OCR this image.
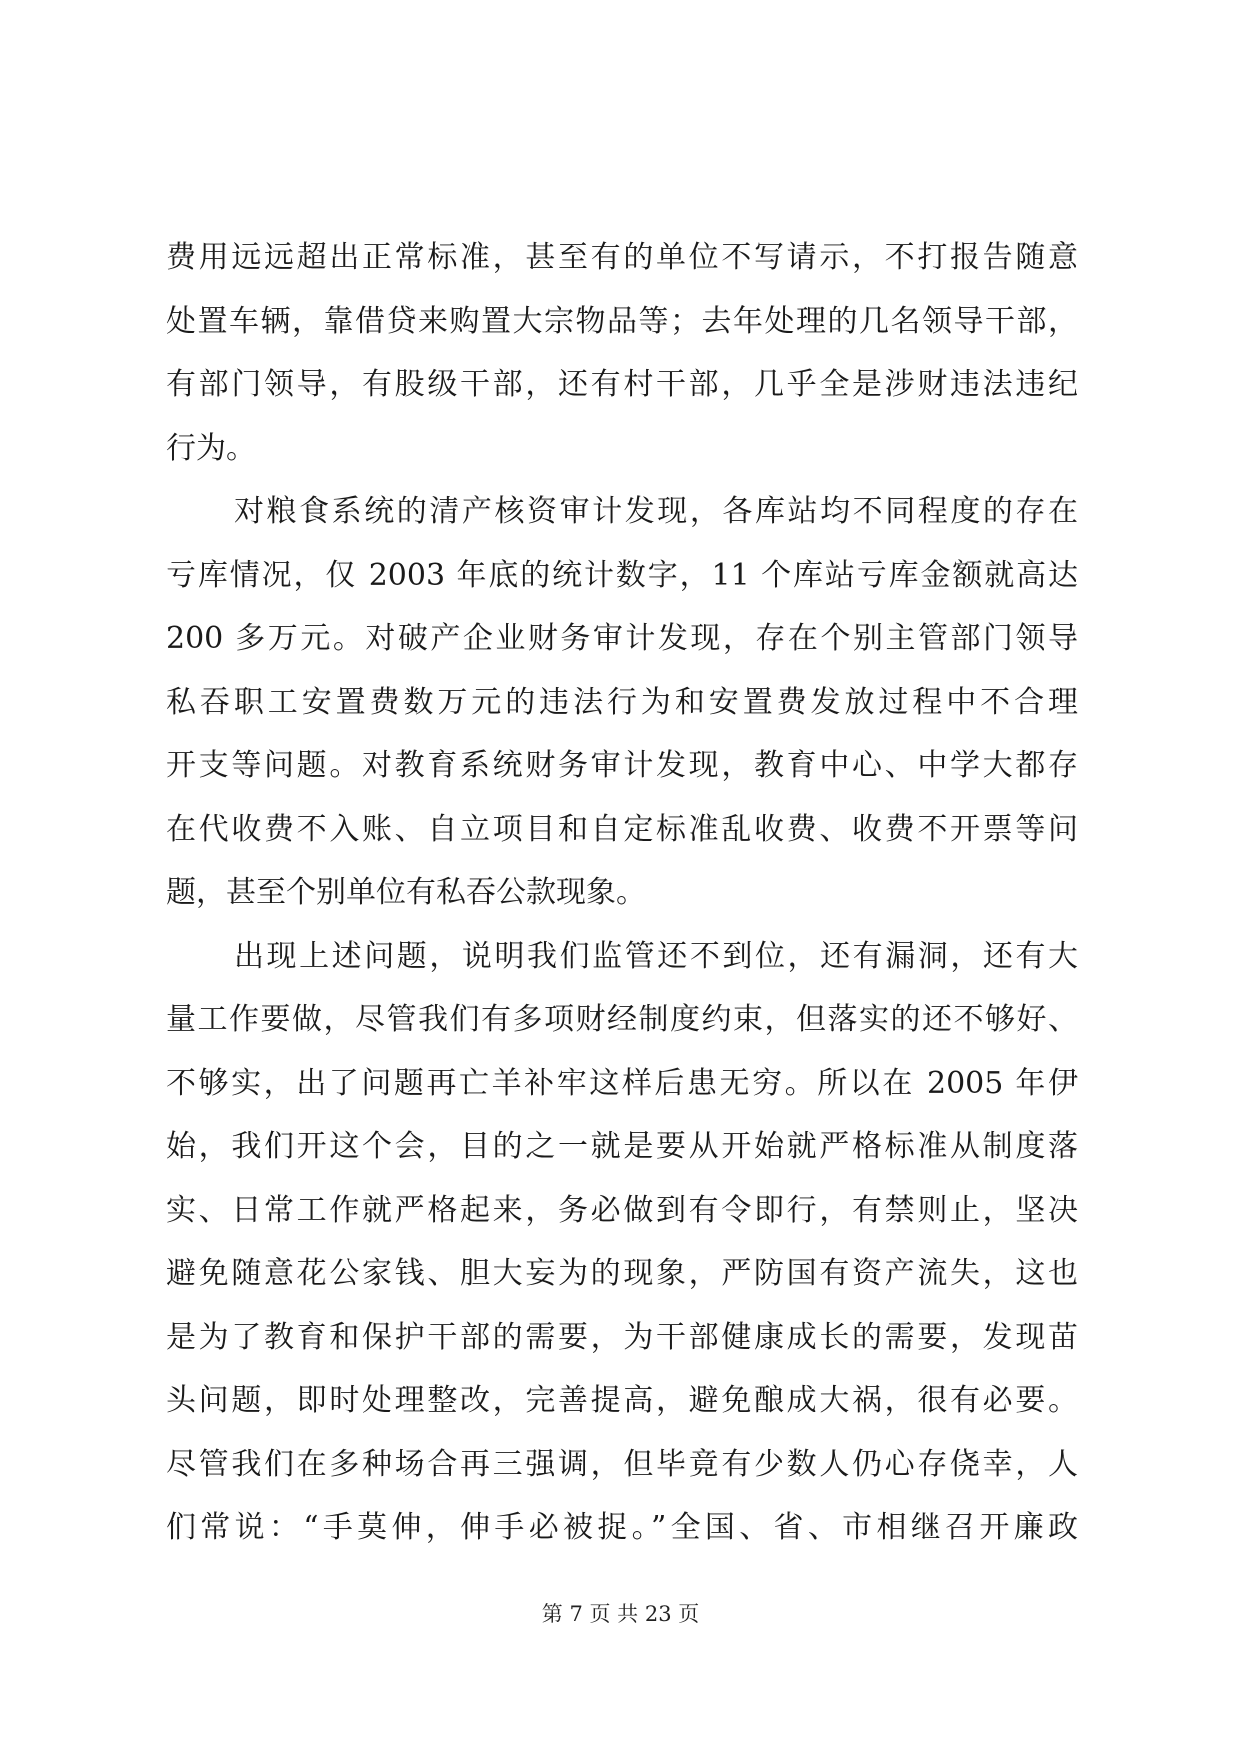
费用远远超出正常标准，甚至有的单位不写请示，不打报告随意
处置车辆，靠借贷来购置大宗物品等；去年处理的几名领导干部，
有部门领导，有股级干部，还有村干部，几乎全是涉财违法违纪
行为。
对粮食系统的清产核资审计发现，各库站均不同程度的存在
亏库情况，仅 2003 年底的统计数字，11 个库站亏库金额就高达
200 多万元。对破产企业财务审计发现，存在个别主管部门领导
私吞职工安置费数万元的违法行为和安置费发放过程中不合理
开支等问题。对教育系统财务审计发现，教育中心、中学大都存
在代收费不入账、自立项目和自定标准乱收费、收费不开票等问
题，甚至个别单位有私吞公款现象。
出现上述问题，说明我们监管还不到位，还有漏洞，还有大
量工作要做，尽管我们有多项财经制度约束，但落实的还不够好、
不够实，出了问题再亡羊补牢这样后患无穷。所以在 2005 年伊
始，我们开这个会，目的之一就是要从开始就严格标准从制度落
实、日常工作就严格起来，务必做到有令即行，有禁则止，坚决
避免随意花公家钱、胆大妄为的现象，严防国有资产流失，这也
是为了教育和保护干部的需要，为干部健康成长的需要，发现苗
头问题，即时处理整改，完善提高，避免酿成大祸，很有必要。
尽管我们在多种场合再三强调，但毕竟有少数人仍心存侥幸，人
们常说：“手莫伸，伸手必被捉。”全国、省、市相继召开廉政
第 7 页 共 23 页
